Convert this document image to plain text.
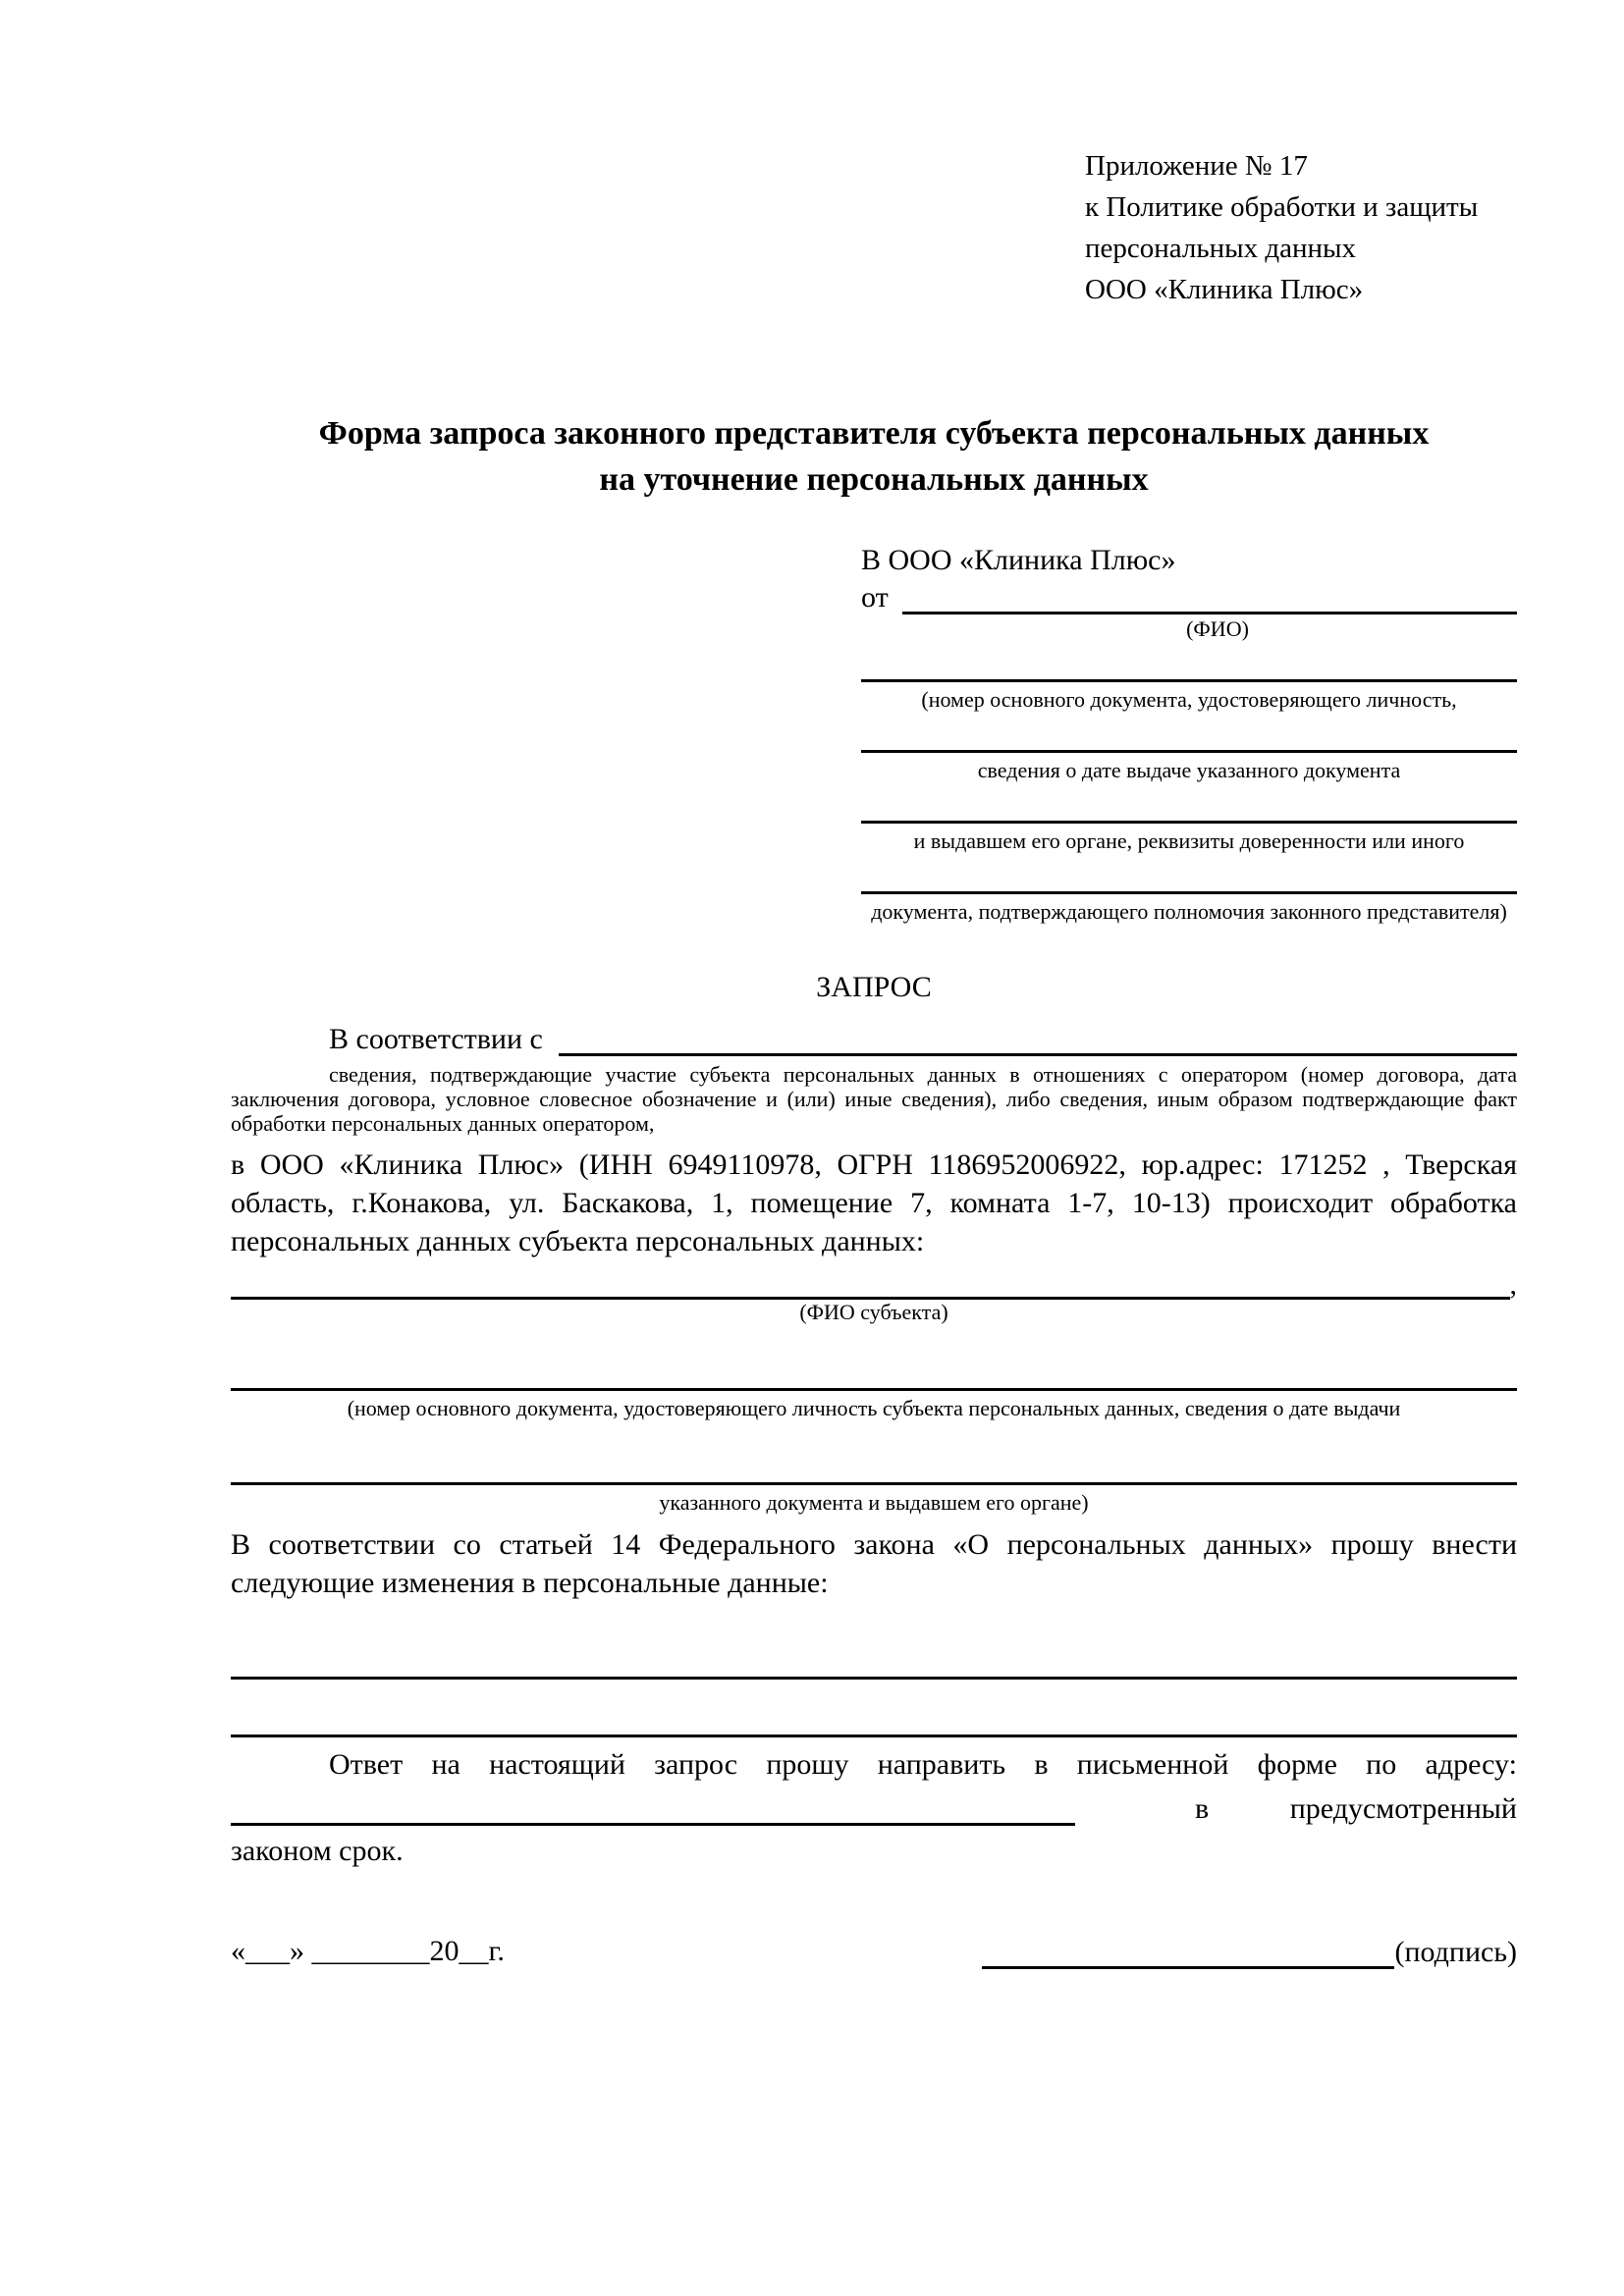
Приложение № 17
к Политике обработки и защиты
персональных данных
ООО «Клиника Плюс»
Форма запроса законного представителя субъекта персональных данных
на уточнение персональных данных
В ООО «Клиника Плюс»
от
(ФИО)
(номер основного документа, удостоверяющего личность,
сведения о дате выдаче указанного документа
и выдавшем его органе, реквизиты доверенности или иного
документа, подтверждающего полномочия законного представителя)
ЗАПРОС
В соответствии с
сведения, подтверждающие участие субъекта персональных данных в отношениях с оператором (номер договора, дата заключения договора, условное словесное обозначение и (или) иные сведения), либо сведения, иным образом подтверждающие факт обработки персональных данных оператором,
в ООО «Клиника Плюс» (ИНН 6949110978, ОГРН 1186952006922, юр.адрес: 171252 , Тверская область, г.Конакова, ул. Баскакова, 1, помещение 7, комната 1-7, 10-13) происходит обработка персональных данных субъекта персональных данных:
,
(ФИО субъекта)
(номер основного документа, удостоверяющего личность субъекта персональных данных, сведения о дате выдачи
указанного документа и выдавшем его органе)
В соответствии со статьей 14 Федерального закона «О персональных данных» прошу внести следующие изменения в персональные данные:
Ответ на настоящий запрос прошу направить в письменной форме по адресу:
в	предусмотренный
законом срок.
«___» ________20__г.	(подпись)
